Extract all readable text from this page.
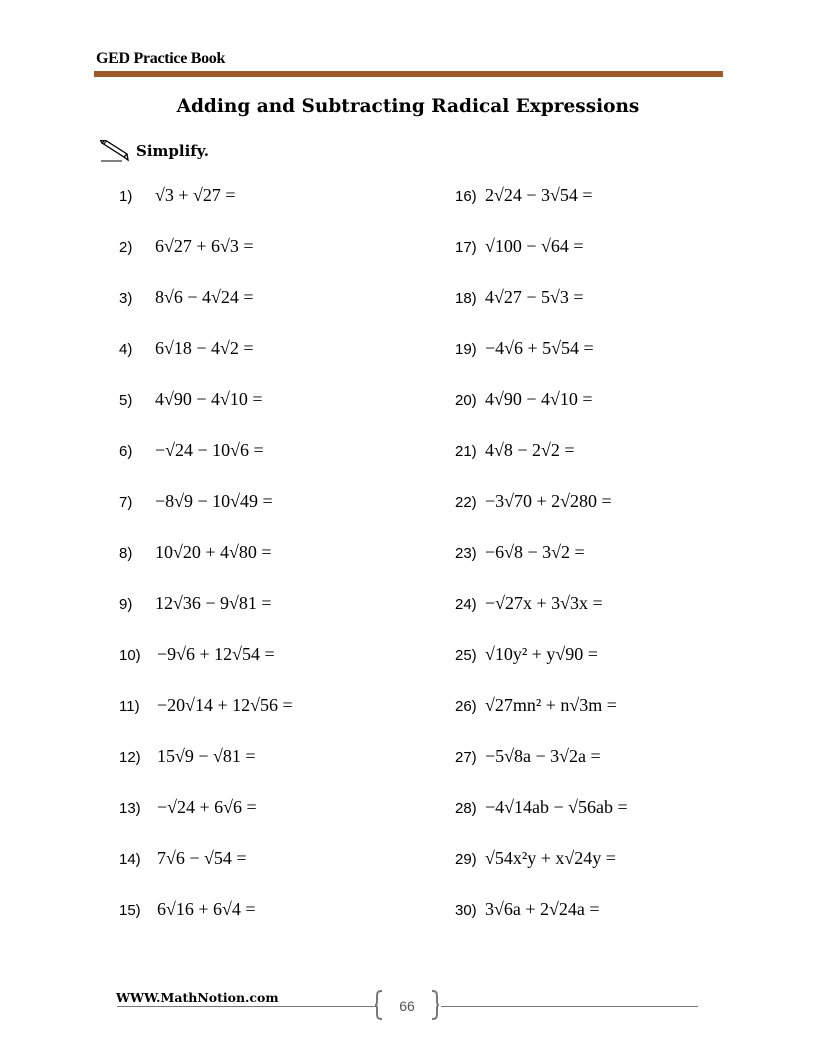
GED Practice Book
Adding and Subtracting Radical Expressions
Simplify.
1)	√3 + √27 =
2)	6√27 + 6√3 =
3)	8√6 − 4√24 =
4)	6√18 − 4√2 =
5)	4√90 − 4√10 =
6)	−√24 − 10√6 =
7)	−8√9 − 10√49 =
8)	10√20 + 4√80 =
9)	12√36 − 9√81 =
10) −9√6 + 12√54 =
11) −20√14 + 12√56 =
12) 15√9 − √81 =
13) −√24 + 6√6 =
14) 7√6 − √54 =
15) 6√16 + 6√4 =
16) 2√24 − 3√54 =
17) √100 − √64 =
18) 4√27 − 5√3 =
19) −4√6 + 5√54 =
20) 4√90 − 4√10 =
21) 4√8 − 2√2 =
22) −3√70 + 2√280 =
23) −6√8 − 3√2 =
24) −√27x + 3√3x =
25) √10y² + y√90 =
26) √27mn² + n√3m =
27) −5√8a − 3√2a =
28) −4√14ab − √56ab =
29) √54x²y + x√24y =
30) 3√6a + 2√24a =
WWW.MathNotion.com
66
